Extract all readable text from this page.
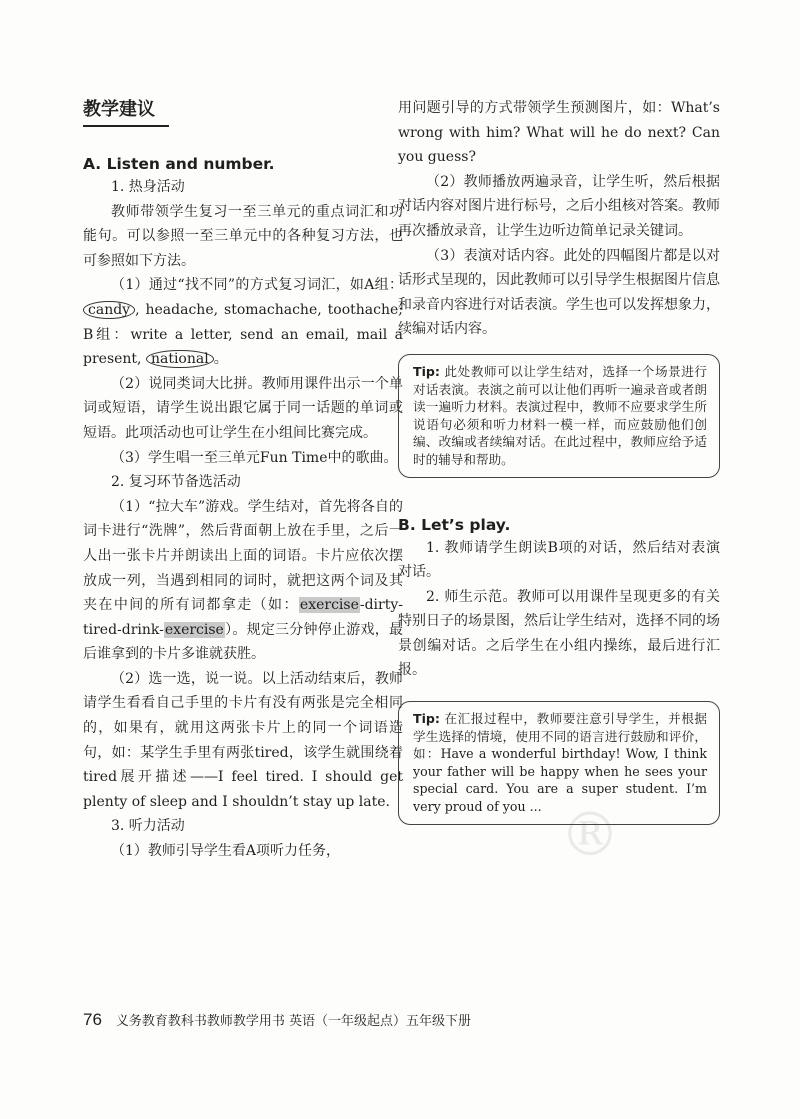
®
教学建议

A. Listen and number.

1. 热身活动

教师带领学生复习一至三单元的重点词汇和功能句。可以参照一至三单元中的各种复习方法，也可参照如下方法。

（1）通过“找不同”的方式复习词汇，如A组：candy , headache, stomachache, toothache; B组：write a letter, send an email, mail a present, national 。

（2）说同类词大比拼。教师用课件出示一个单词或短语，请学生说出跟它属于同一话题的单词或短语。此项活动也可让学生在小组间比赛完成。

（3）学生唱一至三单元Fun Time中的歌曲。

2. 复习环节备选活动

（1）“拉大车”游戏。学生结对，首先将各自的词卡进行“洗牌”，然后背面朝上放在手里，之后一人出一张卡片并朗读出上面的词语。卡片应依次摆放成一列，当遇到相同的词时，就把这两个词及其夹在中间的所有词都拿走（如：exercise-dirty-tired-drink-exercise）。规定三分钟停止游戏，最后谁拿到的卡片多谁就获胜。

（2）选一选，说一说。以上活动结束后，教师请学生看看自己手里的卡片有没有两张是完全相同的，如果有，就用这两张卡片上的同一个词语造句，如：某学生手里有两张tired，该学生就围绕着tired展开描述——I feel tired. I should get plenty of sleep and I shouldn’t stay up late.

3. 听力活动

（1）教师引导学生看A项听力任务，

用问题引导的方式带领学生预测图片，如：What’s wrong with him? What will he do next? Can you guess?

（2）教师播放两遍录音，让学生听，然后根据对话内容对图片进行标号，之后小组核对答案。教师再次播放录音，让学生边听边简单记录关键词。

（3）表演对话内容。此处的四幅图片都是以对话形式呈现的，因此教师可以引导学生根据图片信息和录音内容进行对话表演。学生也可以发挥想象力，续编对话内容。

Tip: 此处教师可以让学生结对，选择一个场景进行对话表演。表演之前可以让他们再听一遍录音或者朗读一遍听力材料。表演过程中，教师不应要求学生所说语句必须和听力材料一模一样，而应鼓励他们创编、改编或者续编对话。在此过程中，教师应给予适时的辅导和帮助。

B. Let’s play.

1. 教师请学生朗读B项的对话，然后结对表演对话。

2. 师生示范。教师可以用课件呈现更多的有关特别日子的场景图，然后让学生结对，选择不同的场景创编对话。之后学生在小组内操练，最后进行汇报。

Tip: 在汇报过程中，教师要注意引导学生，并根据学生选择的情境，使用不同的语言进行鼓励和评价，如：Have a wonderful birthday! Wow, I think your father will be happy when he sees your special card. You are a super student. I’m very proud of you ...
76 义务教育教科书教师教学用书 英语（一年级起点）五年级下册
